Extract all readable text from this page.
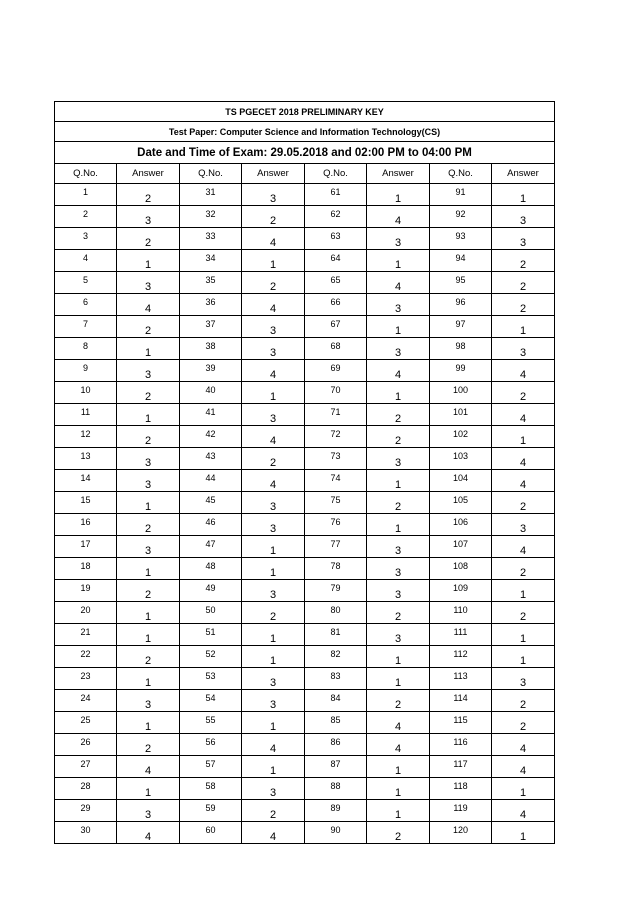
TS PGECET 2018 PRELIMINARY KEY							
Test Paper: Computer Science and Information Technology(CS)							
Date and Time of Exam: 29.05.2018 and 02:00 PM to 04:00 PM							
Q.No.	Answer	Q.No.	Answer	Q.No.	Answer	Q.No.	Answer
1	2	31	3	61	1	91	1
2	3	32	2	62	4	92	3
3	2	33	4	63	3	93	3
4	1	34	1	64	1	94	2
5	3	35	2	65	4	95	2
6	4	36	4	66	3	96	2
7	2	37	3	67	1	97	1
8	1	38	3	68	3	98	3
9	3	39	4	69	4	99	4
10	2	40	1	70	1	100	2
11	1	41	3	71	2	101	4
12	2	42	4	72	2	102	1
13	3	43	2	73	3	103	4
14	3	44	4	74	1	104	4
15	1	45	3	75	2	105	2
16	2	46	3	76	1	106	3
17	3	47	1	77	3	107	4
18	1	48	1	78	3	108	2
19	2	49	3	79	3	109	1
20	1	50	2	80	2	110	2
21	1	51	1	81	3	111	1
22	2	52	1	82	1	112	1
23	1	53	3	83	1	113	3
24	3	54	3	84	2	114	2
25	1	55	1	85	4	115	2
26	2	56	4	86	4	116	4
27	4	57	1	87	1	117	4
28	1	58	3	88	1	118	1
29	3	59	2	89	1	119	4
30	4	60	4	90	2	120	1
